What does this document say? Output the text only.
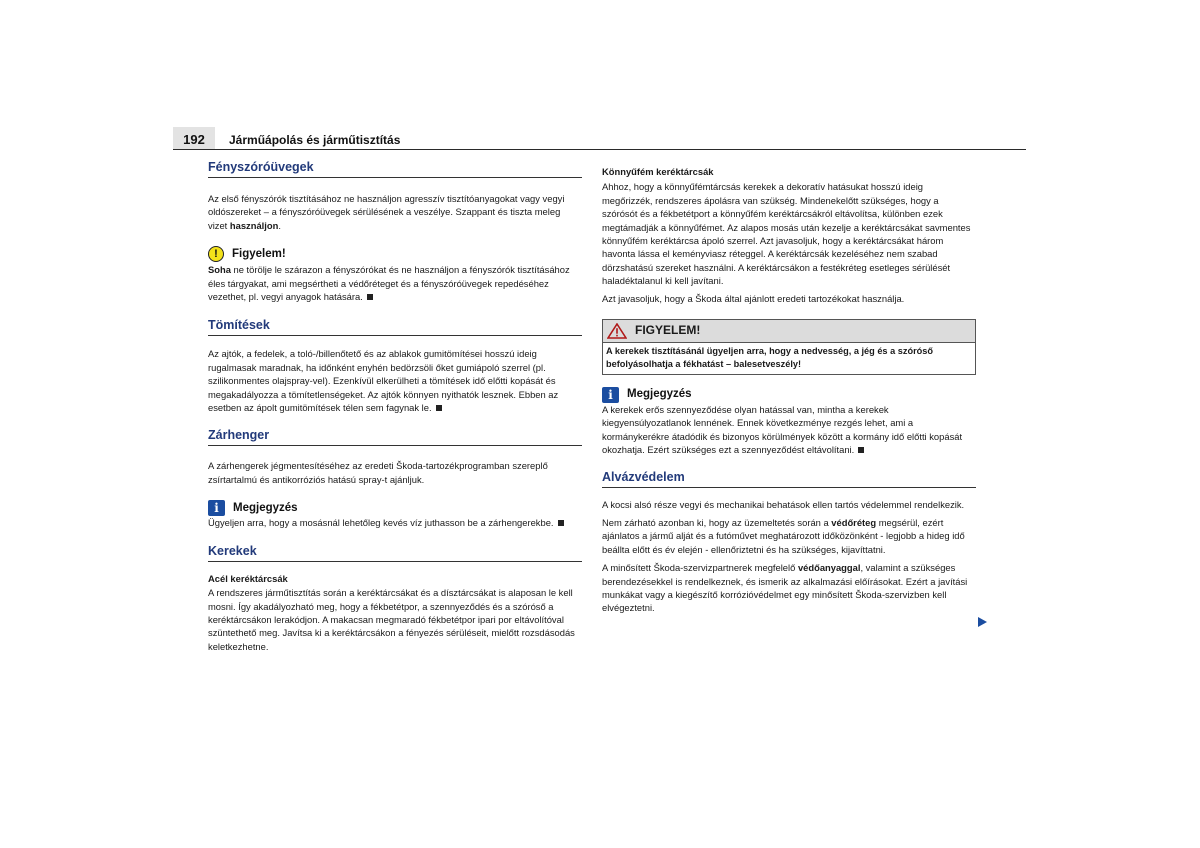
192	Járműápolás és járműtisztítás
Fényszóróüvegek

Az első fényszórók tisztításához ne használjon agresszív tisztítóanyagokat vagy vegyi oldószereket – a fényszóróüvegek sérülésének a veszélye. Szappant és tiszta meleg vizet használjon.

!	Figyelem!

Soha ne törölje le szárazon a fényszórókat és ne használjon a fényszórók tisztításához éles tárgyakat, ami megsértheti a védőréteget és a fényszóróüvegek repedéséhez vezethet, pl. vegyi anyagok hatására.

Tömítések

Az ajtók, a fedelek, a toló-/billenőtető és az ablakok gumitömítései hosszú ideig rugalmasak maradnak, ha időnként enyhén bedörzsöli őket gumiápoló szerrel (pl. szilikonmentes olajspray-vel). Ezenkívül elkerülheti a tömítések idő előtti kopását és megakadályozza a tömítetlenségeket. Az ajtók könnyen nyithatók lesznek. Ebben az esetben az ápolt gumitömítések télen sem fagynak le.

Zárhenger

A zárhengerek jégmentesítéséhez az eredeti Škoda-tartozékprogramban szereplő zsírtartalmú és antikorróziós hatású spray-t ajánljuk.

i	Megjegyzés

Ügyeljen arra, hogy a mosásnál lehetőleg kevés víz juthasson be a zárhengerekbe.

Kerekek

Acél keréktárcsák

A rendszeres járműtisztítás során a keréktárcsákat és a dísztárcsákat is alaposan le kell mosni. Így akadályozható meg, hogy a fékbetétpor, a szennyeződés és a szóróső a keréktárcsákon lerakódjon. A makacsan megmaradó fékbetétpor ipari por eltávolítóval szüntethető meg. Javítsa ki a keréktárcsákon a fényezés sérüléseit, mielőtt rozsdásodás keletkezhetne.

Könnyűfém keréktárcsák

Ahhoz, hogy a könnyűfémtárcsás kerekek a dekoratív hatásukat hosszú ideig megőrizzék, rendszeres ápolásra van szükség. Mindenekelőtt szükséges, hogy a szórósót és a fékbetétport a könnyűfém keréktárcsákról eltávolítsa, különben ezek megtámadják a könnyűfémet. Az alapos mosás után kezelje a keréktárcsákat savmentes könnyűfém keréktárcsa ápoló szerrel. Azt javasoljuk, hogy a keréktárcsákat három havonta lássa el keményviasz réteggel. A keréktárcsák kezeléséhez nem szabad dörzshatású szereket használni. A keréktárcsákon a festékréteg esetleges sérülését haladéktalanul ki kell javítani.

Azt javasoljuk, hogy a Škoda által ajánlott eredeti tartozékokat használja.

FIGYELEM!

A kerekek tisztításánál ügyeljen arra, hogy a nedvesség, a jég és a szóróső befolyásolhatja a fékhatást – balesetveszély!

i	Megjegyzés

A kerekek erős szennyeződése olyan hatással van, mintha a kerekek kiegyensúlyozatlanok lennének. Ennek következménye rezgés lehet, ami a kormánykerékre átadódik és bizonyos körülmények között a kormány idő előtti kopását okozhatja. Ezért szükséges ezt a szennyeződést eltávolítani.

Alvázvédelem

A kocsi alsó része vegyi és mechanikai behatások ellen tartós védelemmel rendelkezik.

Nem zárható azonban ki, hogy az üzemeltetés során a védőréteg megsérül, ezért ajánlatos a jármű alját és a futóművet meghatározott időközönként - legjobb a hideg idő beállta előtt és év elején - ellenőriztetni és ha szükséges, kijavíttatni.

A minősített Škoda-szervizpartnerek megfelelő védőanyaggal, valamint a szükséges berendezésekkel is rendelkeznek, és ismerik az alkalmazási előírásokat. Ezért a javítási munkákat vagy a kiegészítő korrózióvédelmet egy minősített Škoda-szervizben kell elvégeztetni.
